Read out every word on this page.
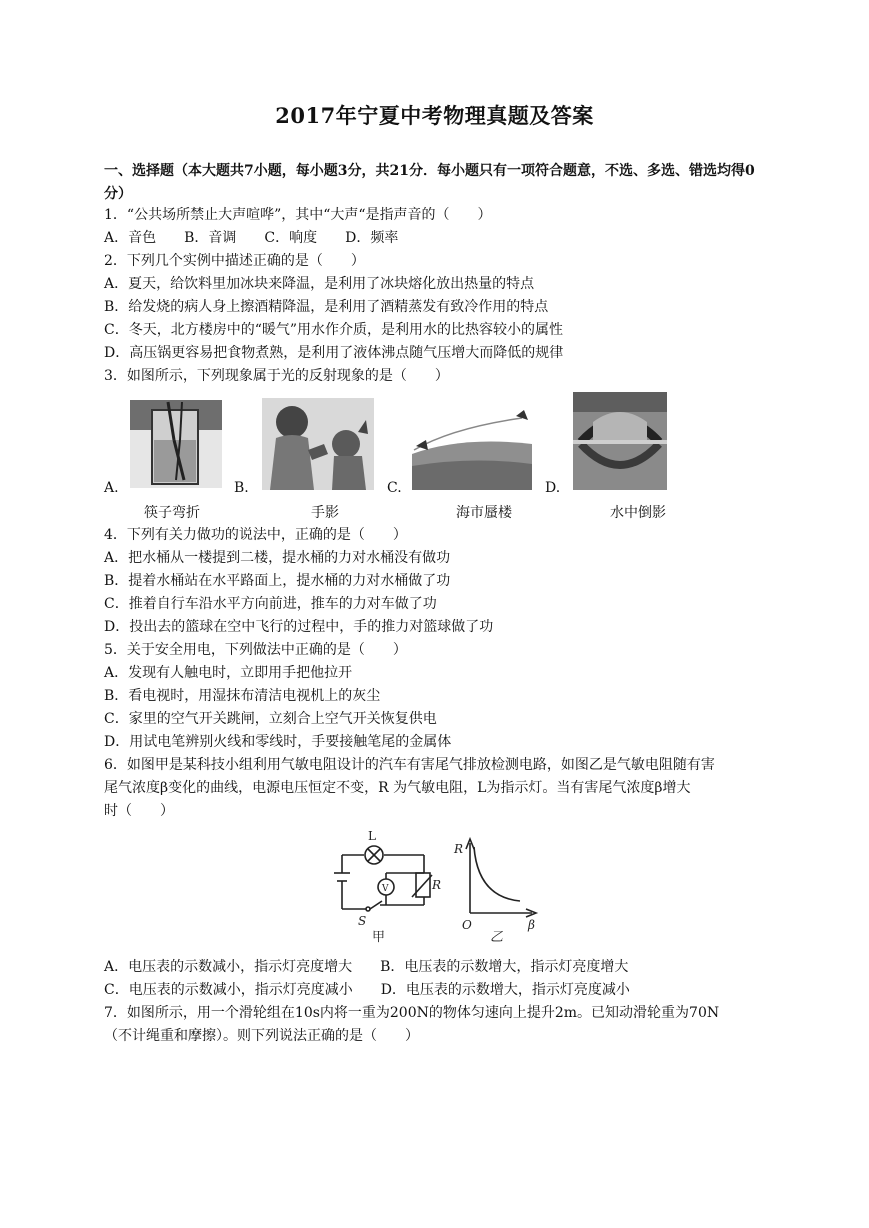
2017年宁夏中考物理真题及答案
一、选择题（本大题共7小题，每小题3分，共21分．每小题只有一项符合题意，不选、多选、错选均得0分）
1．“公共场所禁止大声喧哗”，其中“大声“是指声音的（　　）
A．音色　　B．音调　　C．响度　　D．频率
2．下列几个实例中描述正确的是（　　）
A．夏天，给饮料里加冰块来降温，是利用了冰块熔化放出热量的特点
B．给发烧的病人身上擦酒精降温，是利用了酒精蒸发有致冷作用的特点
C．冬天，北方楼房中的“暖气”用水作介质，是利用水的比热容较小的属性
D．高压锅更容易把食物煮熟，是利用了液体沸点随气压增大而降低的规律
3．如图所示，下列现象属于光的反射现象的是（　　）
A.	B.	C.	D.
筷子弯折	手影	海市蜃楼	水中倒影
4．下列有关力做功的说法中，正确的是（　　）
A．把水桶从一楼提到二楼，提水桶的力对水桶没有做功
B．提着水桶站在水平路面上，提水桶的力对水桶做了功
C．推着自行车沿水平方向前进，推车的力对车做了功
D．投出去的篮球在空中飞行的过程中，手的推力对篮球做了功
5．关于安全用电，下列做法中正确的是（　　）
A．发现有人触电时，立即用手把他拉开
B．看电视时，用湿抹布清洁电视机上的灰尘
C．家里的空气开关跳闸，立刻合上空气开关恢复供电
D．用试电笔辨别火线和零线时，手要接触笔尾的金属体
6．如图甲是某科技小组利用气敏电阻设计的汽车有害尾气排放检测电路，如图乙是气敏电阻随有害
尾气浓度β变化的曲线，电源电压恒定不变，R 为气敏电阻，L为指示灯。当有害尾气浓度β增大
时（　　）
L
R
V
S
甲
R
O	β
乙
A．电压表的示数减小，指示灯亮度增大　　B．电压表的示数增大，指示灯亮度增大
C．电压表的示数减小，指示灯亮度减小　　D．电压表的示数增大，指示灯亮度减小
7．如图所示，用一个滑轮组在10s内将一重为200N的物体匀速向上提升2m。已知动滑轮重为70N
（不计绳重和摩擦）。则下列说法正确的是（　　）
